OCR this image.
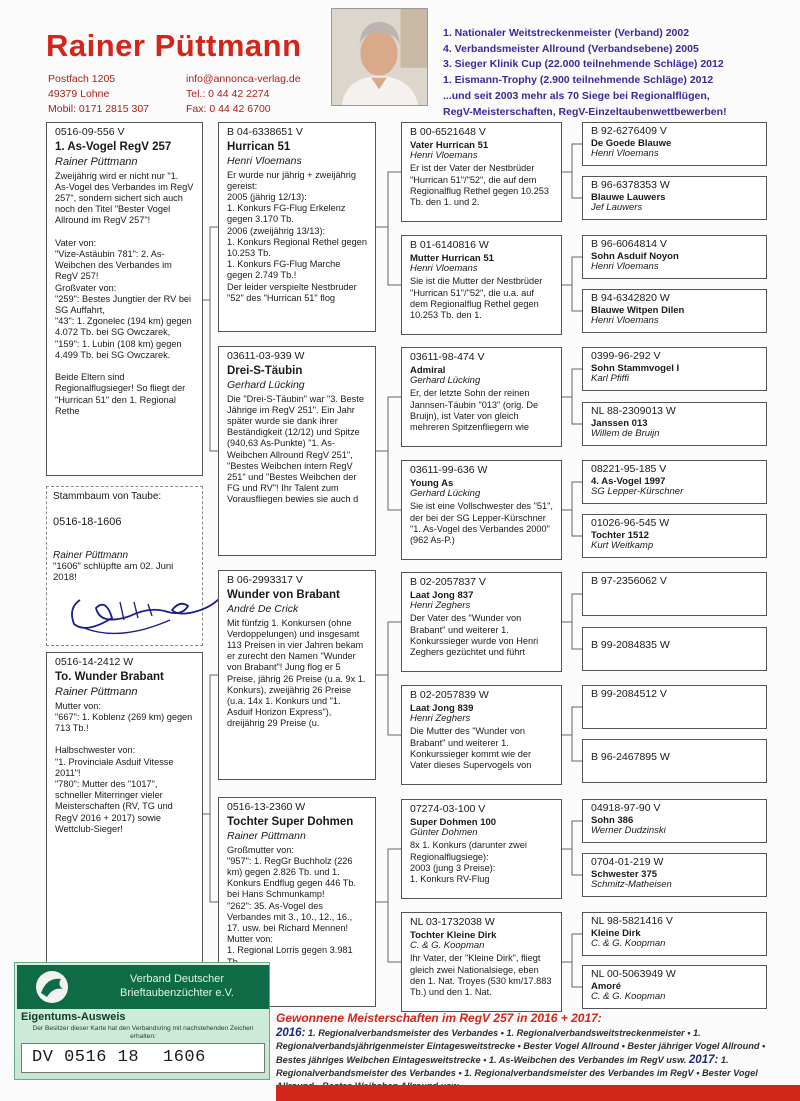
Rainer Püttmann
Postfach 1205
49379 Lohne
Mobil: 0171 2815 307
info@annonca-verlag.de
Tel.: 0 44 42 2274
Fax: 0 44 42 6700
1. Nationaler Weitstreckenmeister (Verband) 2002
4. Verbandsmeister Allround (Verbandsebene) 2005
3. Sieger Klinik Cup (22.000 teilnehmende Schläge) 2012
1. Eismann-Trophy (2.900 teilnehmende Schläge) 2012
...und seit 2003 mehr als 70 Siege bei Regionalflügen,
RegV-Meisterschaften, RegV-Einzeltaubenwettbewerben!
0516-09-556 V
1. As-Vogel RegV 257
Rainer Püttmann
Zweijährig wird er nicht nur "1. As-Vogel des Verbandes im RegV 257", sondern sichert sich auch noch den Titel "Bester Vogel Allround im RegV 257"!

Vater von:
"Vize-Astäubin 781": 2. As-Weibchen des Verbandes im RegV 257!
Großvater von:
"259": Bestes Jungtier der RV bei SG Auffahrt,
"43": 1. Zgonelec (194 km) gegen 4.072 Tb. bei SG Owczarek,
"159": 1. Lubin (108 km) gegen 4.499 Tb. bei SG Owczarek.

Beide Eltern sind Regionalflugsieger! So fliegt der "Hurrican 51" den 1. Regional Rethe
Stammbaum von Taube:
0516-18-1606
Rainer Püttmann
"1606" schlüpfte am 02. Juni 2018!
0516-14-2412 W
To. Wunder Brabant
Rainer Püttmann
Mutter von:
"667": 1. Koblenz (269 km) gegen 713 Tb.!

Halbschwester von:
"1. Provinciale Asduif Vitesse 2011"!
"780": Mutter des "1017", schneller Miterringer vieler Meisterschaften (RV, TG und RegV 2016 + 2017) sowie Wettclub-Sieger!
B 04-6338651 V
Hurrican 51
Henri Vloemans
Er wurde nur jährig + zweijährig gereist:
2005 (jährig 12/13):
1. Konkurs FG-Flug Erkelenz gegen 3.170 Tb.
2006 (zweijährig 13/13):
1. Konkurs Regional Rethel gegen 10.253 Tb.
1. Konkurs FG-Flug Marche gegen 2.749 Tb.!
Der leider verspielte Nestbruder "52" des "Hurrican 51" flog
03611-03-939 W
Drei-S-Täubin
Gerhard Lücking
Die "Drei-S-Täubin" war "3. Beste Jährige im RegV 251". Ein Jahr später wurde sie dank ihrer Beständigkeit (12/12) und Spitze (940,63 As-Punkte) "1. As-Weibchen Allround RegV 251", "Bestes Weibchen intern RegV 251" und "Bestes Weibchen der FG und RV"! Ihr Talent zum Vorausfliegen bewies sie auch d
B 06-2993317 V
Wunder von Brabant
André De Crick
Mit fünfzig 1. Konkursen (ohne Verdoppelungen) und insgesamt 113 Preisen in vier Jahren bekam er zurecht den Namen "Wunder von Brabant"! Jung flog er 5 Preise, jährig 26 Preise (u.a. 9x 1. Konkurs), zweijährig 26 Preise (u.a. 14x 1. Konkurs und "1. Asduif Horizon Express"), dreijährig 29 Preise (u.
0516-13-2360 W
Tochter Super Dohmen
Rainer Püttmann
Großmutter von:
"957": 1. RegGr Buchholz (226 km) gegen 2.826 Tb. und 1. Konkurs Endflug gegen 446 Tb. bei Hans Schmunkamp!
"262": 35. As-Vogel des Verbandes mit 3., 10., 12., 16., 17. usw. bei Richard Mennen!
Mutter von:
1. Regional Lorris gegen 3.981
B 00-6521648 V
Vater Hurrican 51
Henri Vloemans
Er ist der Vater der Nestbrüder "Hurrican 51"/"52", die auf dem Regionalflug Rethel gegen 10.253 Tb. den 1. und 2.
B 01-6140816 W
Mutter Hurrican 51
Henri Vloemans
Sie ist die Mutter der Nestbrüder "Hurrican 51"/"52", die u.a. auf dem Regionalflug Rethel gegen 10.253 Tb. den 1.
03611-98-474 V
Admiral
Gerhard Lücking
Er, der letzte Sohn der reinen Jannsen-Täubin "013" (orig. De Bruijn), ist Vater von gleich mehreren Spitzenfliegern wie
03611-99-636 W
Young As
Gerhard Lücking
Sie ist eine Vollschwester des "51", der bei der SG Lepper-Kürschner "1. As-Vogel des Verbandes 2000" (962 As-P.)
B 02-2057837 V
Laat Jong 837
Henri Zeghers
Der Vater des "Wunder von Brabant" und weiterer 1. Konkurssieger wurde von Henri Zeghers gezüchtet und führt
B 02-2057839 W
Laat Jong 839
Henri Zeghers
Die Mutter des "Wunder von Brabant" und weiterer 1. Konkurssieger kommt wie der Vater dieses Supervogels von
07274-03-100 V
Super Dohmen 100
Günter Dohmen
8x 1. Konkurs (darunter zwei Regionalflugsiege):
2003 (jung 3 Preise):
1. Konkurs RV-Flug
NL 03-1732038 W
Tochter Kleine Dirk
C. & G. Koopman
Ihr Vater, der "Kleine Dirk", fliegt gleich zwei Nationalsiege, eben den 1. Nat. Troyes (530 km/17.883 Tb.) und den 1. Nat.
B 92-6276409 V
De Goede Blauwe
Henri Vloemans
B 96-6378353 W
Blauwe Lauwers
Jef Lauwers
B 96-6064814 V
Sohn Asduif Noyon
Henri Vloemans
B 94-6342820 W
Blauwe Witpen Dilen
Henri Vloemans
0399-96-292 V
Sohn Stammvogel I
Karl Pfiffi
NL 88-2309013 W
Janssen 013
Willem de Bruijn
08221-95-185 V
4. As-Vogel 1997
SG Lepper-Kürschner
01026-96-545 W
Tochter 1512
Kurt Weitkamp
B 97-2356062 V
B 99-2084835 W
B 99-2084512 V
B 96-2467895 W
04918-97-90 V
Sohn 386
Werner Dudzinski
0704-01-219 W
Schwester 375
Schmitz-Matheisen
NL 98-5821416 V
Kleine Dirk
C. & G. Koopman
NL 00-5063949 W
Amoré
C. & G. Koopman
Verband Deutscher Brieftaubenzüchter e.V.
Eigentums-Ausweis
Der Besitzer dieser Karte hat den Verbandsring mit nachstehenden Zeichen erhalten:
DV 0516 18 1606
Gewonnene Meisterschaften im RegV 257 in 2016 + 2017:
2016: 1. Regionalverbandsmeister des Verbandes • 1. Regionalverbandsweitstreckenmeister • 1. Regionalverbandsjährigenmeister Eintagesweitstrecke • Bester Vogel Allround • Bester jähriger Vogel Allround • Bestes jähriges Weibchen Eintagesweitstrecke • 1. As-Weibchen des Verbandes im RegV usw. 2017: 1. Regionalverbandsmeister des Verbandes • 1. Regionalverbandsmeister des Verbandes im RegV • Bester Vogel
